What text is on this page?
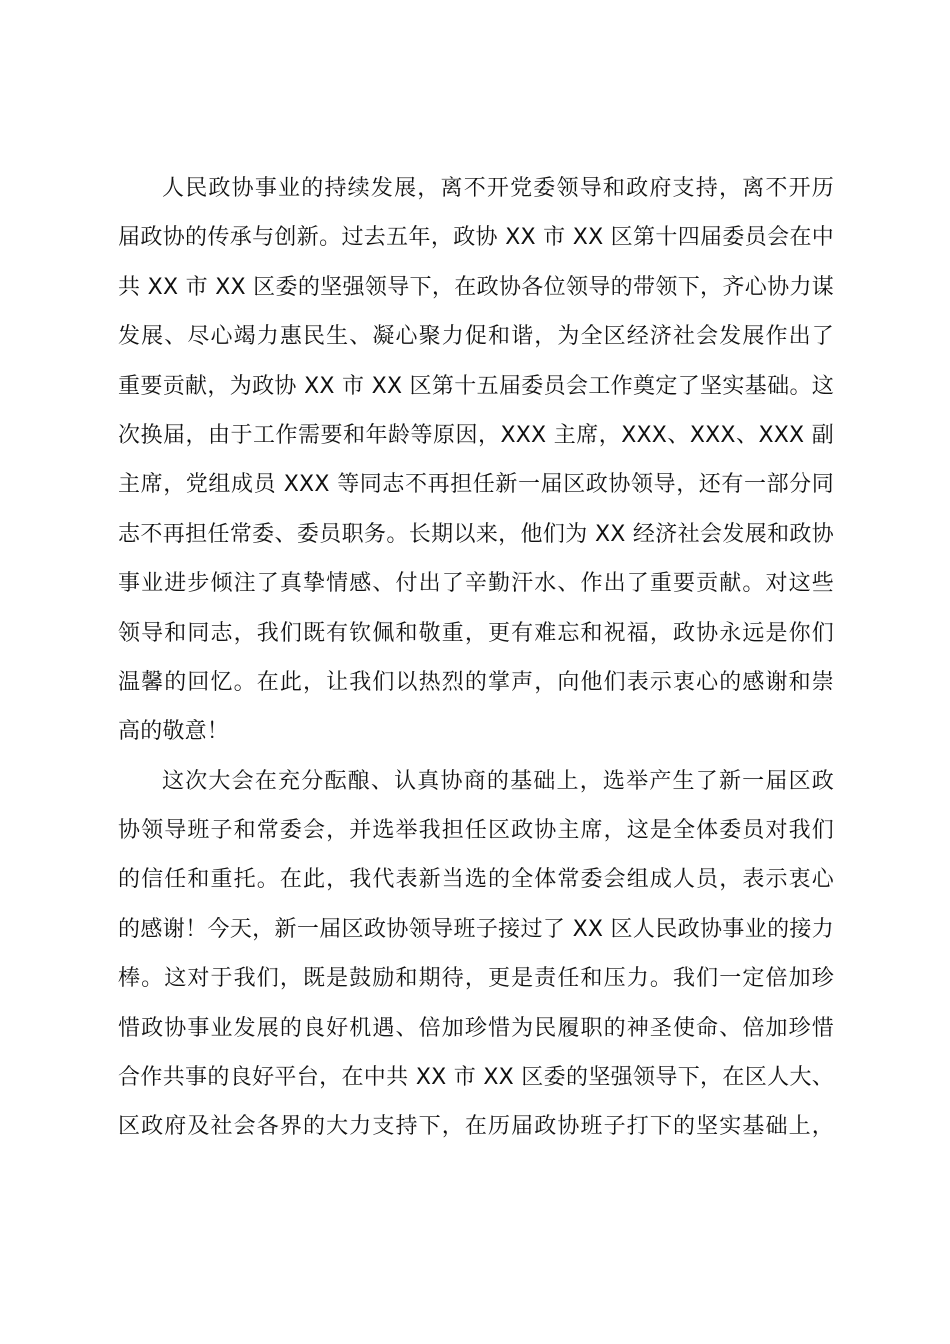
人民政协事业的持续发展，离不开党委领导和政府支持，离不开历
届政协的传承与创新。过去五年，政协 XX 市 XX 区第十四届委员会在中
共 XX 市 XX 区委的坚强领导下，在政协各位领导的带领下，齐心协力谋
发展、尽心竭力惠民生、凝心聚力促和谐，为全区经济社会发展作出了
重要贡献，为政协 XX 市 XX 区第十五届委员会工作奠定了坚实基础。这
次换届，由于工作需要和年龄等原因，XXX 主席，XXX、XXX、XXX 副
主席，党组成员 XXX 等同志不再担任新一届区政协领导，还有一部分同
志不再担任常委、委员职务。长期以来，他们为 XX 经济社会发展和政协
事业进步倾注了真挚情感、付出了辛勤汗水、作出了重要贡献。对这些
领导和同志，我们既有钦佩和敬重，更有难忘和祝福，政协永远是你们
温馨的回忆。在此，让我们以热烈的掌声，向他们表示衷心的感谢和崇
高的敬意！
这次大会在充分酝酿、认真协商的基础上，选举产生了新一届区政
协领导班子和常委会，并选举我担任区政协主席，这是全体委员对我们
的信任和重托。在此，我代表新当选的全体常委会组成人员，表示衷心
的感谢！今天，新一届区政协领导班子接过了 XX 区人民政协事业的接力
棒。这对于我们，既是鼓励和期待，更是责任和压力。我们一定倍加珍
惜政协事业发展的良好机遇、倍加珍惜为民履职的神圣使命、倍加珍惜
合作共事的良好平台，在中共 XX 市 XX 区委的坚强领导下，在区人大、
区政府及社会各界的大力支持下，在历届政协班子打下的坚实基础上，
